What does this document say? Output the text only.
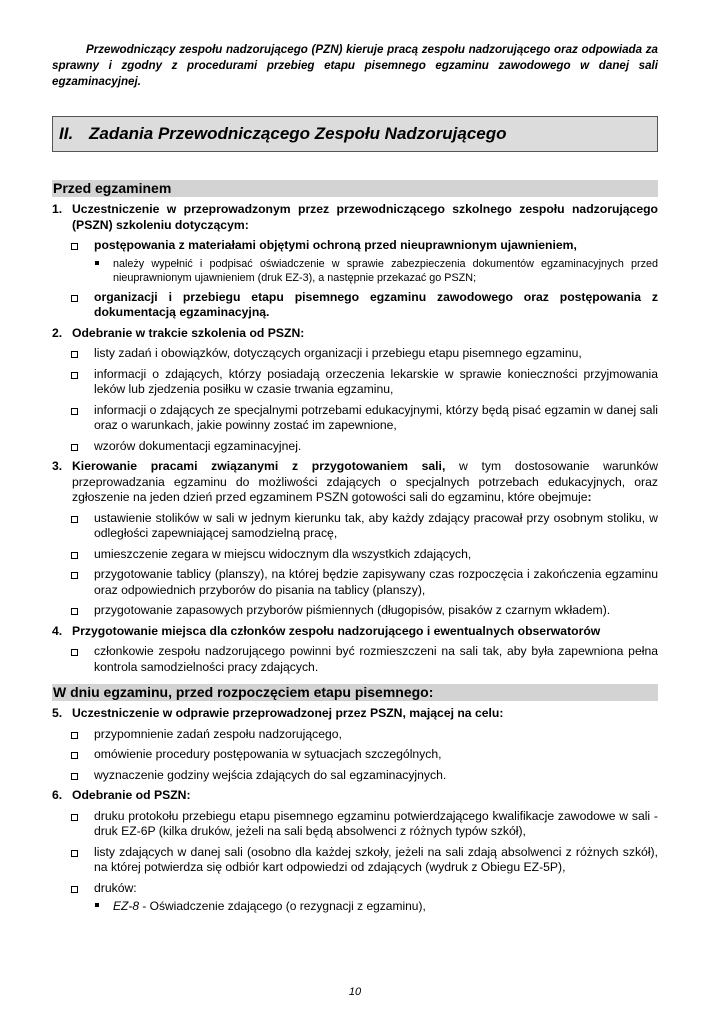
Przewodniczący zespołu nadzorującego (PZN) kieruje pracą zespołu nadzorującego oraz odpowiada za sprawny i zgodny z procedurami przebieg etapu pisemnego egzaminu zawodowego w danej sali egzaminacyjnej.

II. Zadania Przewodniczącego Zespołu Nadzorującego
Przed egzaminem
1. Uczestniczenie w przeprowadzonym przez przewodniczącego szkolnego zespołu nadzorującego (PSZN) szkoleniu dotyczącym:
postępowania z materiałami objętymi ochroną przed nieuprawnionym ujawnieniem,
należy wypełnić i podpisać oświadczenie w sprawie zabezpieczenia dokumentów egzaminacyjnych przed nieuprawnionym ujawnieniem (druk EZ-3), a następnie przekazać go PSZN;
organizacji i przebiegu etapu pisemnego egzaminu zawodowego oraz postępowania z dokumentacją egzaminacyjną.
2. Odebranie w trakcie szkolenia od PSZN:
listy zadań i obowiązków, dotyczących organizacji i przebiegu etapu pisemnego egzaminu,
informacji o zdających, którzy posiadają orzeczenia lekarskie w sprawie konieczności przyjmowania leków lub zjedzenia posiłku w czasie trwania egzaminu,
informacji o zdających ze specjalnymi potrzebami edukacyjnymi, którzy będą pisać egzamin w danej sali oraz o warunkach, jakie powinny zostać im zapewnione,
wzorów dokumentacji egzaminacyjnej.
3. Kierowanie pracami związanymi z przygotowaniem sali, w tym dostosowanie warunków przeprowadzania egzaminu do możliwości zdających o specjalnych potrzebach edukacyjnych, oraz zgłoszenie na jeden dzień przed egzaminem PSZN gotowości sali do egzaminu, które obejmuje:
ustawienie stolików w sali w jednym kierunku tak, aby każdy zdający pracował przy osobnym stoliku, w odległości zapewniającej samodzielną pracę,
umieszczenie zegara w miejscu widocznym dla wszystkich zdających,
przygotowanie tablicy (planszy), na której będzie zapisywany czas rozpoczęcia i zakończenia egzaminu oraz odpowiednich przyborów do pisania na tablicy (planszy),
przygotowanie zapasowych przyborów piśmiennych (długopisów, pisaków z czarnym wkładem).
4. Przygotowanie miejsca dla członków zespołu nadzorującego i ewentualnych obserwatorów
członkowie zespołu nadzorującego powinni być rozmieszczeni na sali tak, aby była zapewniona pełna kontrola samodzielności pracy zdających.
W dniu egzaminu, przed rozpoczęciem etapu pisemnego:
5. Uczestniczenie w odprawie przeprowadzonej przez PSZN, mającej na celu:
przypomnienie zadań zespołu nadzorującego,
omówienie procedury postępowania w sytuacjach szczególnych,
wyznaczenie godziny wejścia zdających do sal egzaminacyjnych.
6. Odebranie od PSZN:
druku protokołu przebiegu etapu pisemnego egzaminu potwierdzającego kwalifikacje zawodowe w sali - druk EZ-6P (kilka druków, jeżeli na sali będą absolwenci z różnych typów szkół),
listy zdających w danej sali (osobno dla każdej szkoły, jeżeli na sali zdają absolwenci z różnych szkół), na której potwierdza się odbiór kart odpowiedzi od zdających (wydruk z Obiegu EZ-5P),
druków:
EZ-8 - Oświadczenie zdającego (o rezygnacji z egzaminu),
10
